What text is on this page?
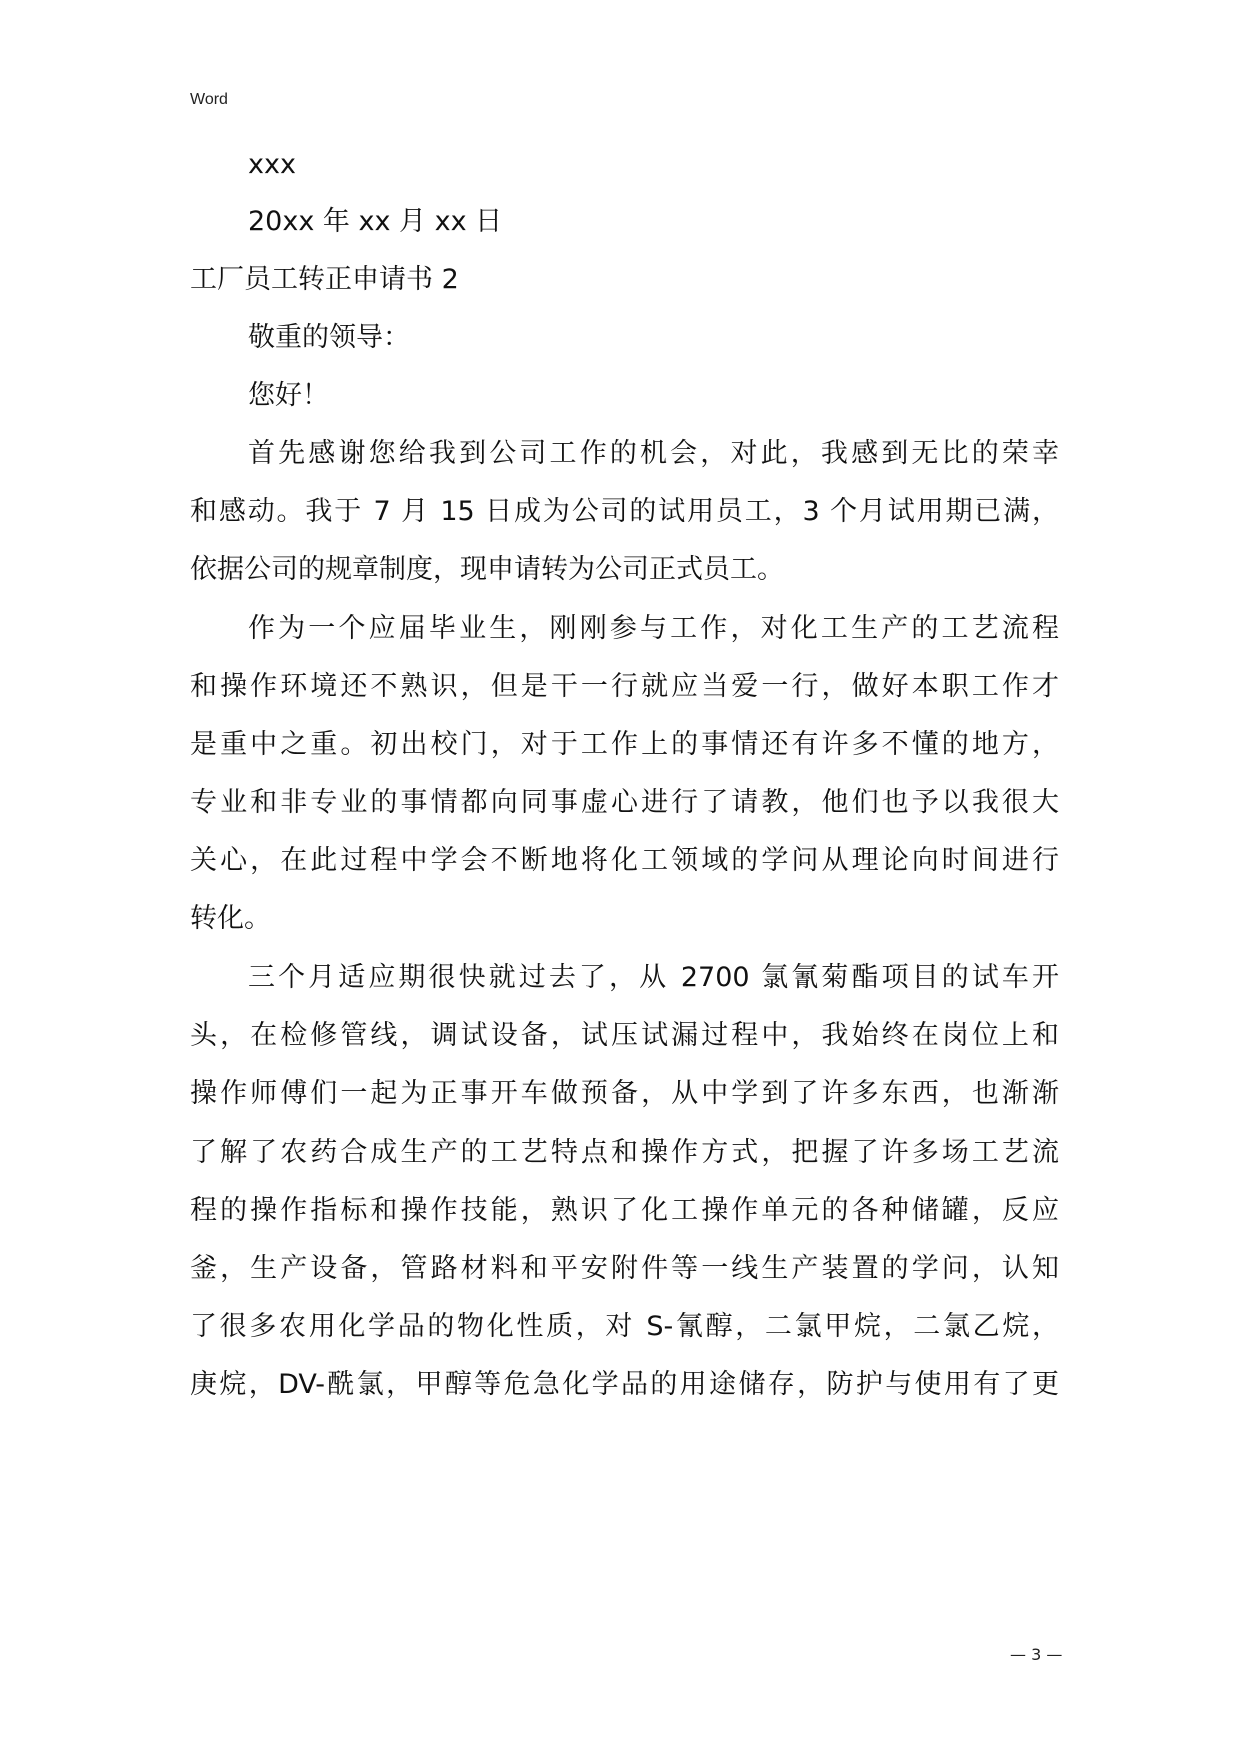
Word
xxx
20xx 年 xx 月 xx 日
工厂员工转正申请书 2
敬重的领导：
您好！
首先感谢您给我到公司工作的机会，对此，我感到无比的荣幸
和感动。我于 7 月 15 日成为公司的试用员工，3 个月试用期已满，
依据公司的规章制度，现申请转为公司正式员工。
作为一个应届毕业生，刚刚参与工作，对化工生产的工艺流程
和操作环境还不熟识，但是干一行就应当爱一行，做好本职工作才
是重中之重。初出校门，对于工作上的事情还有许多不懂的地方，
专业和非专业的事情都向同事虚心进行了请教，他们也予以我很大
关心，在此过程中学会不断地将化工领域的学问从理论向时间进行
转化。
三个月适应期很快就过去了，从 2700 氯氰菊酯项目的试车开
头，在检修管线，调试设备，试压试漏过程中，我始终在岗位上和
操作师傅们一起为正事开车做预备，从中学到了许多东西，也渐渐
了解了农药合成生产的工艺特点和操作方式，把握了许多场工艺流
程的操作指标和操作技能，熟识了化工操作单元的各种储罐，反应
釜，生产设备，管路材料和平安附件等一线生产装置的学问，认知
了很多农用化学品的物化性质，对 S-氰醇，二氯甲烷，二氯乙烷，
庚烷，DV-酰氯，甲醇等危急化学品的用途储存，防护与使用有了更
— 3 —
